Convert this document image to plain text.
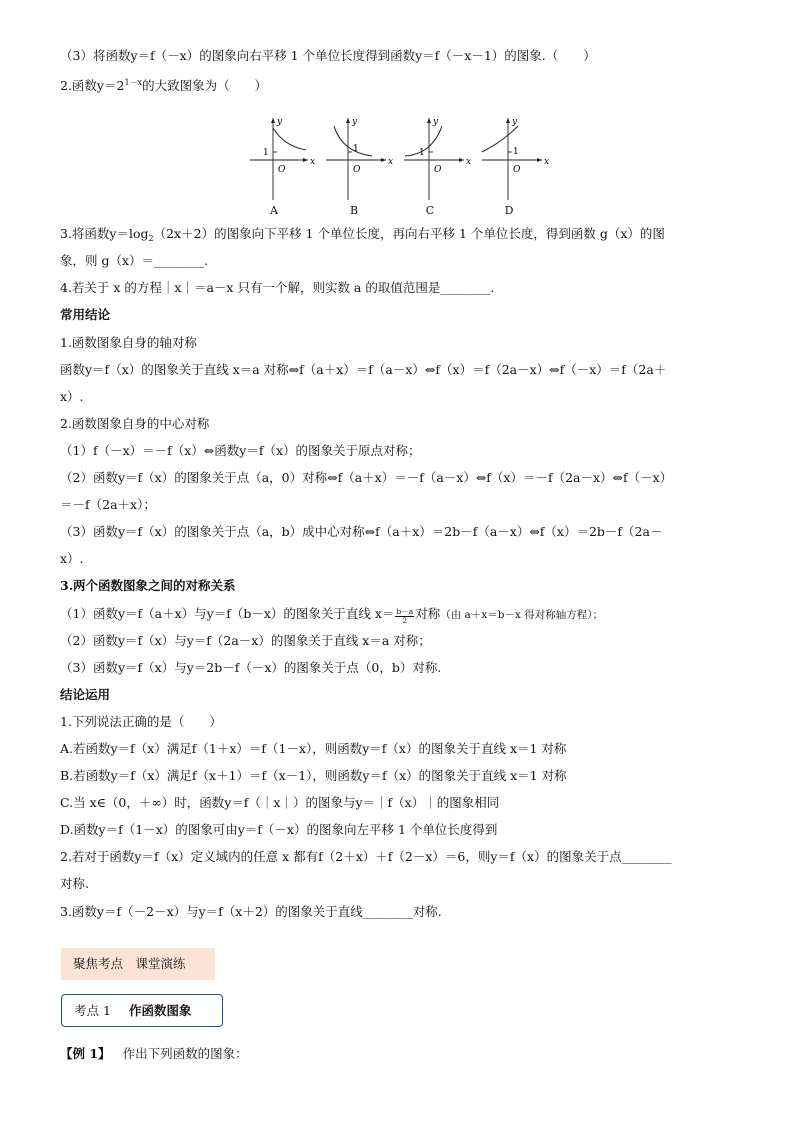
（3）将函数y＝f（－x）的图象向右平移 1 个单位长度得到函数y＝f（－x－1）的图象.（　　）
2.函数$y=2^{1-x}$的大致图象为（　　）
y
x
1
O
A
y
x
1
O
B
y
x
1
O
C
y
x
1
O
D
3.将函数$y=\log_2(2x+2)$的图象向下平移 1 个单位长度，再向右平移 1 个单位长度，得到函数 g（x）的图
象，则 g（x）＝________.
4.若关于 x 的方程｜x｜＝a－x 只有一个解，则实数 a 的取值范围是________.
常用结论
1.函数图象自身的轴对称
函数y＝f（x）的图象关于直线 x＝a 对称⇔f（a＋x）＝f（a－x）⇔f（x）＝f（2a－x）⇔f（－x）＝f（2a＋
x）.
2.函数图象自身的中心对称
（1）f（－x）＝－f（x）⇔函数y＝f（x）的图象关于原点对称；
（2）函数y＝f（x）的图象关于点（a，0）对称⇔f（a＋x）＝－f（a－x）⇔f（x）＝－f（2a－x）⇔f（－x）
＝－f（2a＋x）；
（3）函数y＝f（x）的图象关于点（a，b）成中心对称⇔f（a＋x）＝2b－f（a－x）⇔f（x）＝2b－f（2a－
x）.
3.两个函数图象之间的对称关系
（1）函数y＝f（a＋x）与y＝f（b－x）的图象关于直线 $x= \frac{b-a}{2}$ 对称（由 a＋x＝b－x 得对称轴方程）；
（2）函数y＝f（x）与y＝f（2a－x）的图象关于直线 x＝a 对称；
（3）函数y＝f（x）与y＝2b－f（－x）的图象关于点（0，b）对称.
结论运用
1.下列说法正确的是（　　）
A.若函数y＝f（x）满足f（1＋x）＝f（1－x），则函数y＝f（x）的图象关于直线 x＝1 对称
B.若函数y＝f（x）满足f（x＋1）＝f（x－1），则函数y＝f（x）的图象关于直线 x＝1 对称
C.当 x∈（0，＋∞）时，函数y＝f（｜x｜）的图象与y＝｜f（x）｜的图象相同
D.函数y＝f（1－x）的图象可由y＝f（－x）的图象向左平移 1 个单位长度得到
2.若对于函数y＝f（x）定义域内的任意 x 都有f（2＋x）＋f（2－x）＝6，则y＝f（x）的图象关于点________
对称.
3.函数y＝f（－2－x）与y＝f（x＋2）的图象关于直线________对称.
聚焦考点　课堂演练
考点 1 作函数图象
【例 1】 作出下列函数的图象：
